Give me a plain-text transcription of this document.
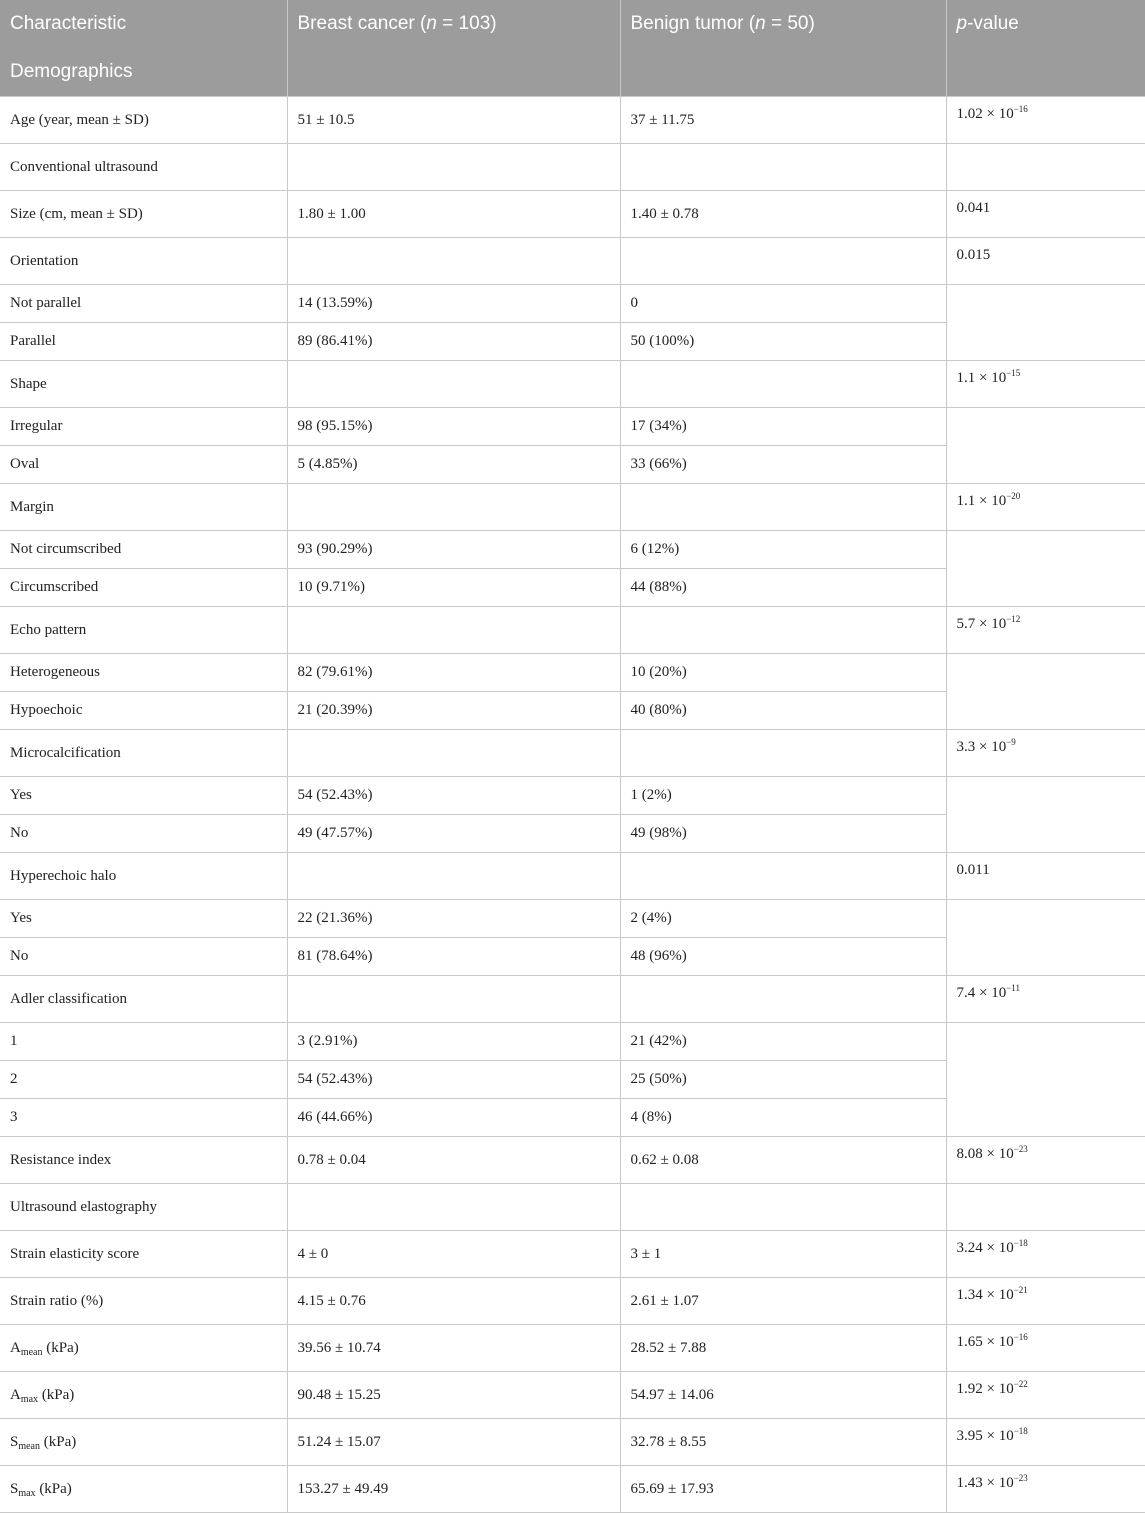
Characteristic	Breast cancer (n = 103)	Benign tumor (n = 50)	p-value
Demographics			
Age (year, mean ± SD)	51 ± 10.5	37 ± 11.75	$1.02 \times 10^{-16}$
Conventional ultrasound			
Size (cm, mean ± SD)	1.80 ± 1.00	1.40 ± 0.78	0.041
Orientation			0.015
Not parallel	14 (13.59%)	0	
Parallel	89 (86.41%)	50 (100%)	
Shape			$1.1 \times 10^{-15}$
Irregular	98 (95.15%)	17 (34%)	
Oval	5 (4.85%)	33 (66%)	
Margin			$1.1 \times 10^{-20}$
Not circumscribed	93 (90.29%)	6 (12%)	
Circumscribed	10 (9.71%)	44 (88%)	
Echo pattern			$5.7 \times 10^{-12}$
Heterogeneous	82 (79.61%)	10 (20%)	
Hypoechoic	21 (20.39%)	40 (80%)	
Microcalcification			$3.3 \times 10^{-9}$
Yes	54 (52.43%)	1 (2%)	
No	49 (47.57%)	49 (98%)	
Hyperechoic halo			0.011
Yes	22 (21.36%)	2 (4%)	
No	81 (78.64%)	48 (96%)	
Adler classification			$7.4 \times 10^{-11}$
1	3 (2.91%)	21 (42%)	
2	54 (52.43%)	25 (50%)	
3	46 (44.66%)	4 (8%)	
Resistance index	0.78 ± 0.04	0.62 ± 0.08	$8.08 \times 10^{-23}$
Ultrasound elastography			
Strain elasticity score	4 ± 0	3 ± 1	$3.24 \times 10^{-18}$
Strain ratio (%)	4.15 ± 0.76	2.61 ± 1.07	$1.34 \times 10^{-21}$
$A_{mean}$ (kPa)	39.56 ± 10.74	28.52 ± 7.88	$1.65 \times 10^{-16}$
$A_{max}$ (kPa)	90.48 ± 15.25	54.97 ± 14.06	$1.92 \times 10^{-22}$
$S_{mean}$ (kPa)	51.24 ± 15.07	32.78 ± 8.55	$3.95 \times 10^{-18}$
$S_{max}$ (kPa)	153.27 ± 49.49	65.69 ± 17.93	$1.43 \times 10^{-23}$
